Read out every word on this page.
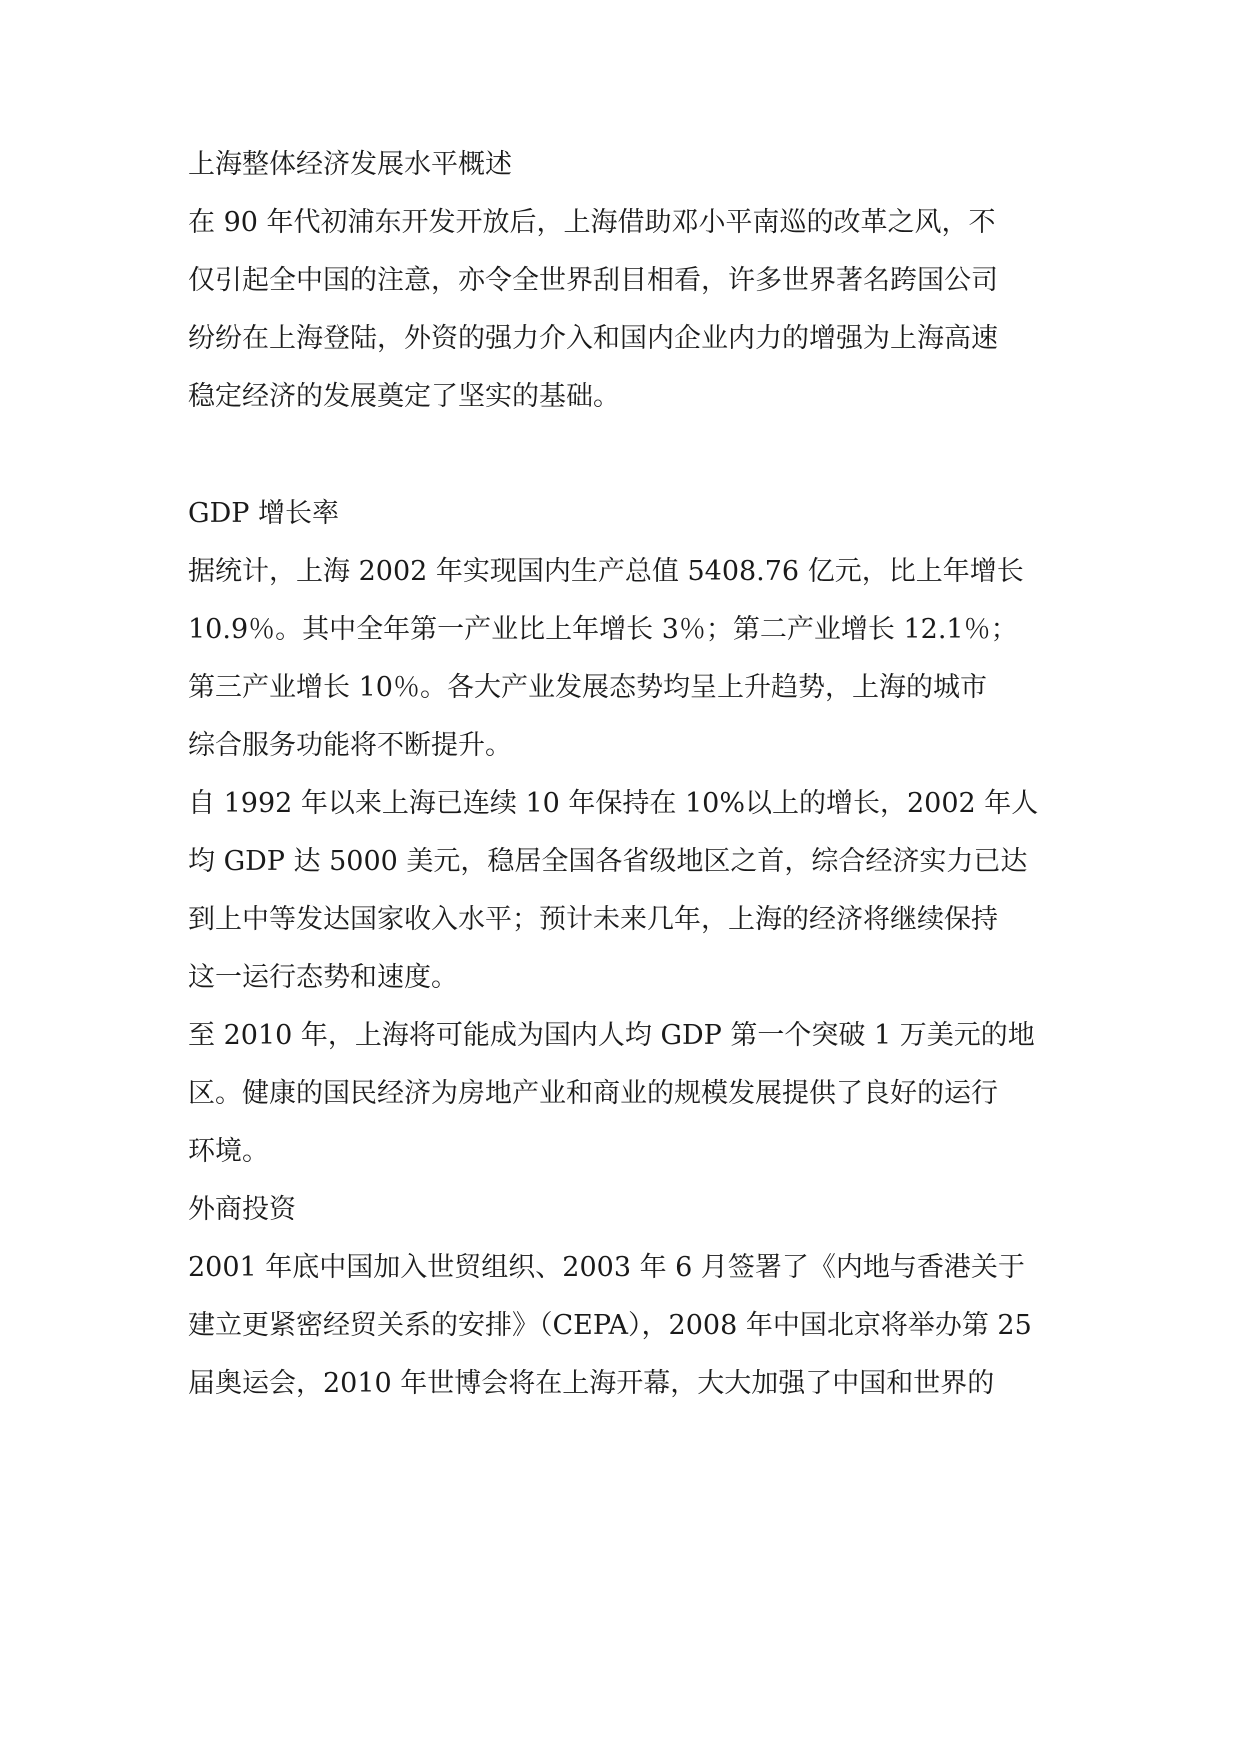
上海整体经济发展水平概述
在 90 年代初浦东开发开放后，上海借助邓小平南巡的改革之风，不
仅引起全中国的注意，亦令全世界刮目相看，许多世界著名跨国公司
纷纷在上海登陆，外资的强力介入和国内企业内力的增强为上海高速
稳定经济的发展奠定了坚实的基础。
GDP 增长率
据统计，上海 2002 年实现国内生产总值 5408.76 亿元，比上年增长
10.9％。其中全年第一产业比上年增长 3％；第二产业增长 12.1％；
第三产业增长 10％。各大产业发展态势均呈上升趋势，上海的城市
综合服务功能将不断提升。
自 1992 年以来上海已连续 10 年保持在 10%以上的增长，2002 年人
均 GDP 达 5000 美元，稳居全国各省级地区之首，综合经济实力已达
到上中等发达国家收入水平；预计未来几年，上海的经济将继续保持
这一运行态势和速度。
至 2010 年，上海将可能成为国内人均 GDP 第一个突破 1 万美元的地
区。健康的国民经济为房地产业和商业的规模发展提供了良好的运行
环境。
外商投资
2001 年底中国加入世贸组织、2003 年 6 月签署了《内地与香港关于
建立更紧密经贸关系的安排》（CEPA），2008 年中国北京将举办第 25
届奥运会，2010 年世博会将在上海开幕，大大加强了中国和世界的
